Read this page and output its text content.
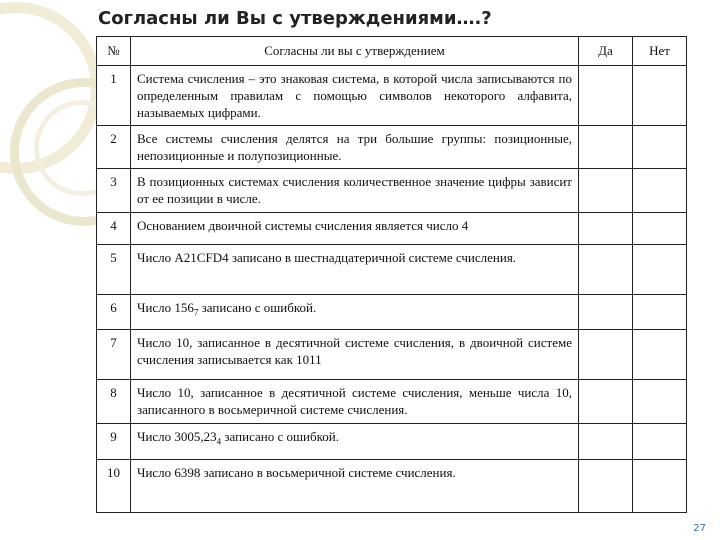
Согласны ли Вы с утверждениями….?
№	Согласны ли вы с утверждением	Да	Нет
1	Система счисления – это знаковая система, в которой числа записываются по определенным правилам с помощью символов некоторого алфавита, называемых цифрами.		
2	Все системы счисления делятся на три большие группы: позиционные, непозиционные и полупозиционные.		
3	В позиционных системах счисления количественное значение цифры зависит от ее позиции в числе.		
4	Основанием двоичной системы счисления является число 4		
5	Число A21CFD4 записано в шестнадцатеричной системе счисления.		
6	Число $156_7$ записано с ошибкой.		
7	Число 10, записанное в десятичной системе счисления, в двоичной системе счисления записывается как 1011		
8	Число 10, записанное в десятичной системе счисления, меньше числа 10, записанного в восьмеричной системе счисления.		
9	Число $3005,23_4$ записано с ошибкой.		
10	Число 6398 записано в восьмеричной системе счисления.		
27
